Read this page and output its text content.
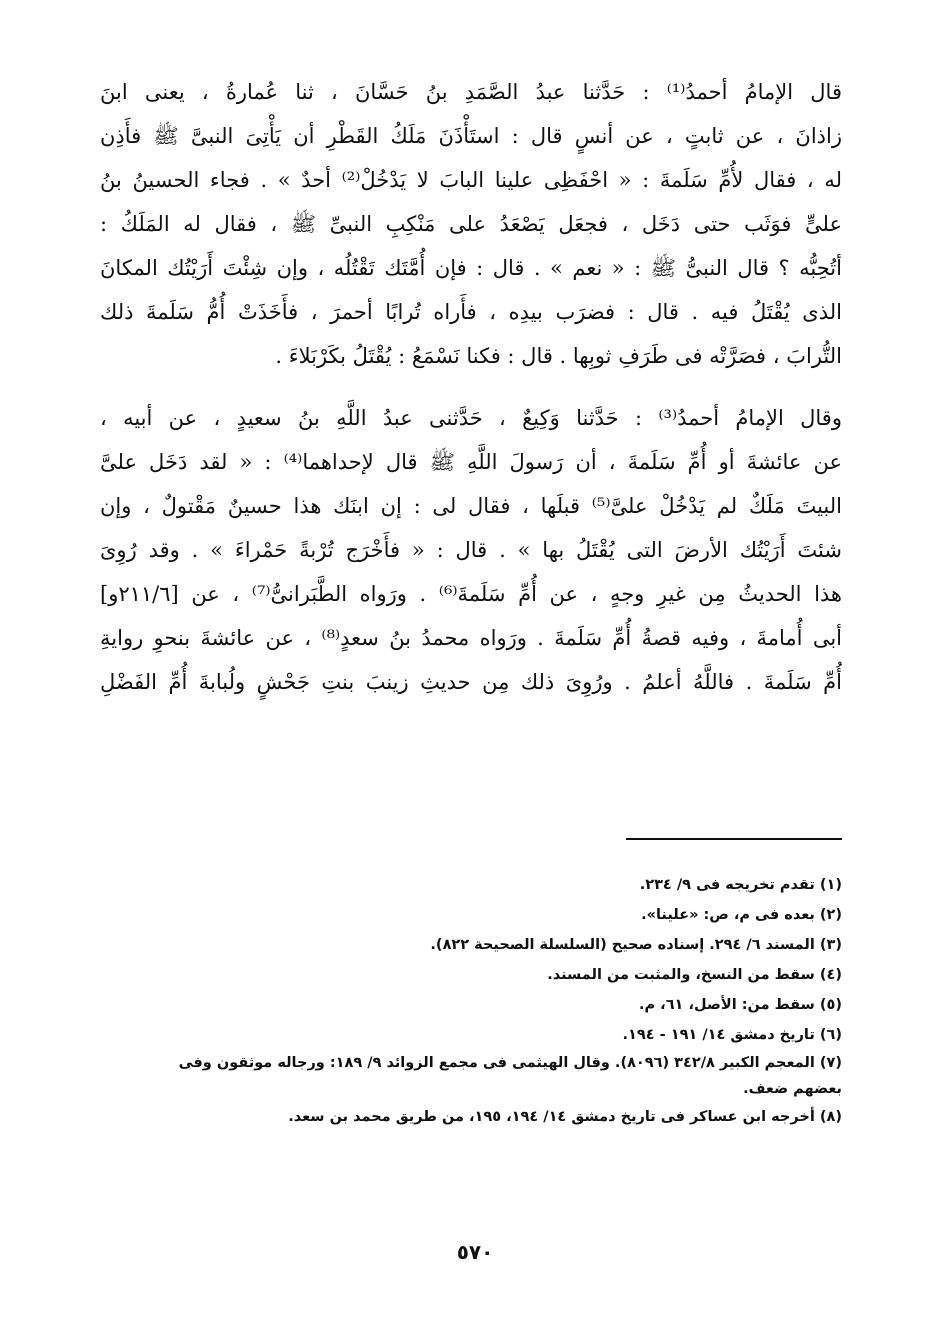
قال الإمامُ أحمدُ⁽¹⁾ : حَدَّثنا عبدُ الصَّمَدِ بنُ حَسَّانَ ، ثنا عُمارةُ ، يعنى ابنَ
زاذانَ ، عن ثابتٍ ، عن أنسٍ قال : استَأْذَنَ مَلَكُ القَطْرِ أن يَأْتِىَ النبىَّ ﷺ فأَذِن
له ، فقال لأُمِّ سَلَمةَ : « احْفَظِى علينا البابَ لا يَدْخُلْ⁽²⁾ أحدٌ » . فجاء الحسينُ بنُ
علىٍّ فوَثَب حتى دَخَل ، فجعَل يَصْعَدُ على مَنْكِبِ النبىِّ ﷺ ، فقال له المَلَكُ :
أتُحِبُّه ؟ قال النبىُّ ﷺ : « نعم » . قال : فإن أُمَّتَك تَقْتُلُه ، وإن شِئْتَ أَرَيْتُك المكانَ
الذى يُقْتَلُ فيه . قال : فضرَب بيدِه ، فأَراه تُرابًا أحمرَ ، فأَخَذَتْ أُمُّ سَلَمةَ ذلك
التُّرابَ ، فصَرَّتْه فى طَرَفِ ثوبِها . قال : فكنا نَسْمَعُ : يُقْتَلُ بكَرْبَلاءَ .
وقال الإمامُ أحمدُ⁽³⁾ : حَدَّثنا وَكِيعٌ ، حَدَّثنى عبدُ اللَّهِ بنُ سعيدٍ ، عن أبيه ،
عن عائشةَ أو أُمِّ سَلَمةَ ، أن رَسولَ اللَّهِ ﷺ قال لإحداهما⁽⁴⁾ : « لقد دَخَل علىَّ
البيتَ مَلَكٌ لم يَدْخُلْ علىَّ⁽⁵⁾ قبلَها ، فقال لى : إن ابنَك هذا حسينٌ مَقْتولٌ ، وإن
شئتَ أَرَيْتُك الأرضَ التى يُقْتَلُ بها » . قال : « فأَخْرَج تُرْبةً حَمْراءَ » . وقد رُوِىَ
هذا الحديثُ مِن غيرِ وجهٍ ، عن أُمِّ سَلَمةَ⁽⁶⁾ . ورَواه الطَّبَرانىُّ⁽⁷⁾ ، عن [٢١١/٦و]
أبى أُمامةَ ، وفيه قصةُ أُمِّ سَلَمةَ . ورَواه محمدُ بنُ سعدٍ⁽⁸⁾ ، عن عائشةَ بنحوِ روايةِ
أُمِّ سَلَمةَ . فاللَّهُ أعلمُ . ورُوِىَ ذلك مِن حديثِ زينبَ بنتِ جَحْشٍ ولُبابةَ أُمِّ الفَضْلِ
(١) تقدم تخريجه فى ٩/ ٢٣٤.
(٢) بعده فى م، ص: «علينا».
(٣) المسند ٦/ ٢٩٤. إسناده صحيح (السلسلة الصحيحة ٨٢٢).
(٤) سقط من النسخ، والمثبت من المسند.
(٥) سقط من: الأصل، ٦١، م.
(٦) تاريخ دمشق ١٤/ ١٩١ - ١٩٤.
(٧) المعجم الكبير ٣٤٢/٨ (٨٠٩٦). وقال الهيثمى فى مجمع الزوائد ٩/ ١٨٩: ورجاله موثقون وفى بعضهم ضعف.
(٨) أخرجه ابن عساكر فى تاريخ دمشق ١٤/ ١٩٤، ١٩٥، من طريق محمد بن سعد.
٥٧٠
